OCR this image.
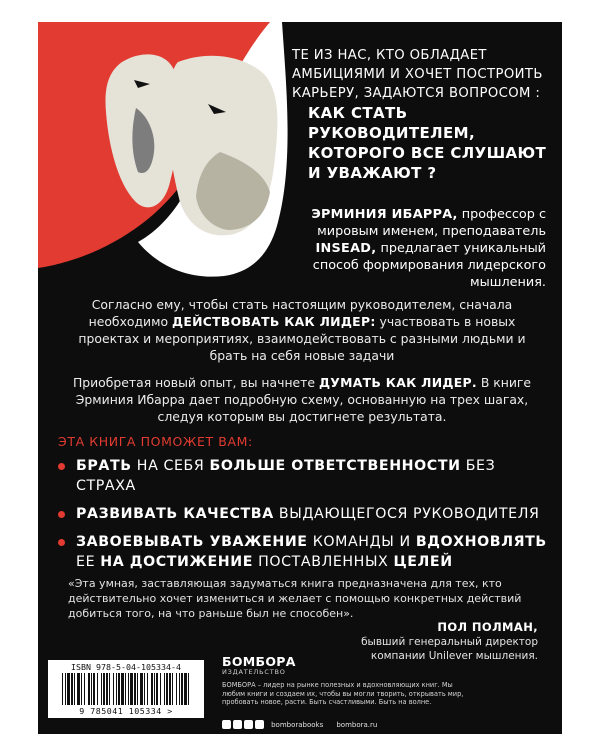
ТЕ ИЗ НАС, КТО ОБЛАДАЕТ АМБИЦИЯМИ И ХОЧЕТ ПОСТРОИТЬ КАРЬЕРУ, ЗАДАЮТСЯ ВОПРОСОМ :
КАК СТАТЬ РУКОВОДИТЕЛЕМ, КОТОРОГО ВСЕ СЛУШАЮТ И УВАЖАЮТ ?
ЭРМИНИЯ ИБАРРА, профессор с мировым именем, преподаватель INSEAD, предлагает уникальный способ формирования лидерского мышления.

Согласно ему, чтобы стать настоящим руководителем, сначала необходимо ДЕЙСТВОВАТЬ КАК ЛИДЕР: участвовать в новых проектах и мероприятиях, взаимодействовать с разными людьми и брать на себя новые задачи

Приобретая новый опыт, вы начнете ДУМАТЬ КАК ЛИДЕР. В книге Эрминия Ибарра дает подробную схему, основанную на трех шагах, следуя которым вы достигнете результата.

ЭТА КНИГА ПОМОЖЕТ ВАМ:
БРАТЬ НА СЕБЯ БОЛЬШЕ ОТВЕТСТВЕННОСТИ БЕЗ СТРАХА
РАЗВИВАТЬ КАЧЕСТВА ВЫДАЮЩЕГОСЯ РУКОВОДИТЕЛЯ
ЗАВОЕВЫВАТЬ УВАЖЕНИЕ КОМАНДЫ И ВДОХНОВЛЯТЬ ЕЕ НА ДОСТИЖЕНИЕ ПОСТАВЛЕННЫХ ЦЕЛЕЙ
«Эта умная, заставляющая задуматься книга предназначена для тех, кто действительно хочет измениться и желает с помощью конкретных действий добиться того, на что раньше был не способен».
ПОЛ ПОЛМАН,
бывший генеральный директор компании Unilever мышления.
ISBN 978-5-04-105334-4
9 785041 105334 >
БОМБОРА
ИЗДАТЕЛЬСТВО
БОМБОРА – лидер на рынке полезных и вдохновляющих книг. Мы любим книги и создаем их, чтобы вы могли творить, открывать мир, пробовать новое, расти. Быть счастливыми. Быть на волне.
bomborabooks bombora.ru
